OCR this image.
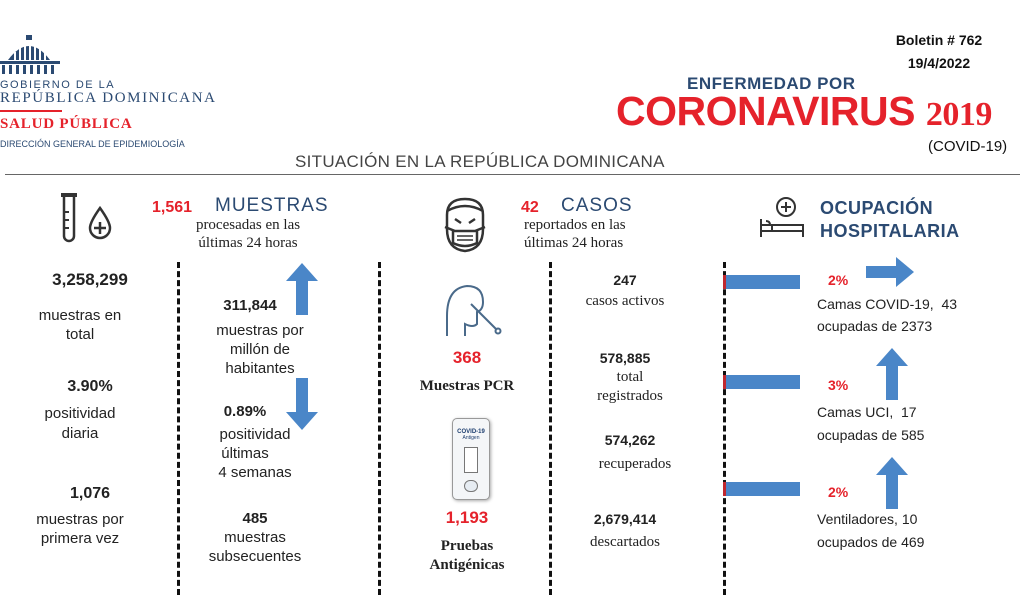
GOBIERNO DE LA
REPÚBLICA DOMINICANA
SALUD PÚBLICA
DIRECCIÓN GENERAL DE EPIDEMIOLOGÍA
Boletin # 762
19/4/2022
ENFERMEDAD POR
CORONAVIRUS 2019
(COVID-19)
SITUACIÓN EN LA REPÚBLICA DOMINICANA
1,561 MUESTRAS
procesadas en las
últimas 24 horas
3,258,299
muestras en
total
3.90%
positividad
diaria
1,076
muestras por
primera vez
311,844
muestras por
millón de
habitantes
0.89%
positividad
últimas
4 semanas
485
muestras
subsecuentes
368
Muestras PCR
COVID-19
Antigen
1,193
Pruebas
Antigénicas
42 CASOS
reportados en las
últimas 24 horas
247
casos activos
578,885
total
registrados
574,262
recuperados
2,679,414
descartados
OCUPACIÓN
HOSPITALARIA
2%
Camas COVID-19,  43
ocupadas de 2373
3%
Camas UCI,  17
ocupadas de 585
2%
Ventiladores, 10
ocupados de 469
